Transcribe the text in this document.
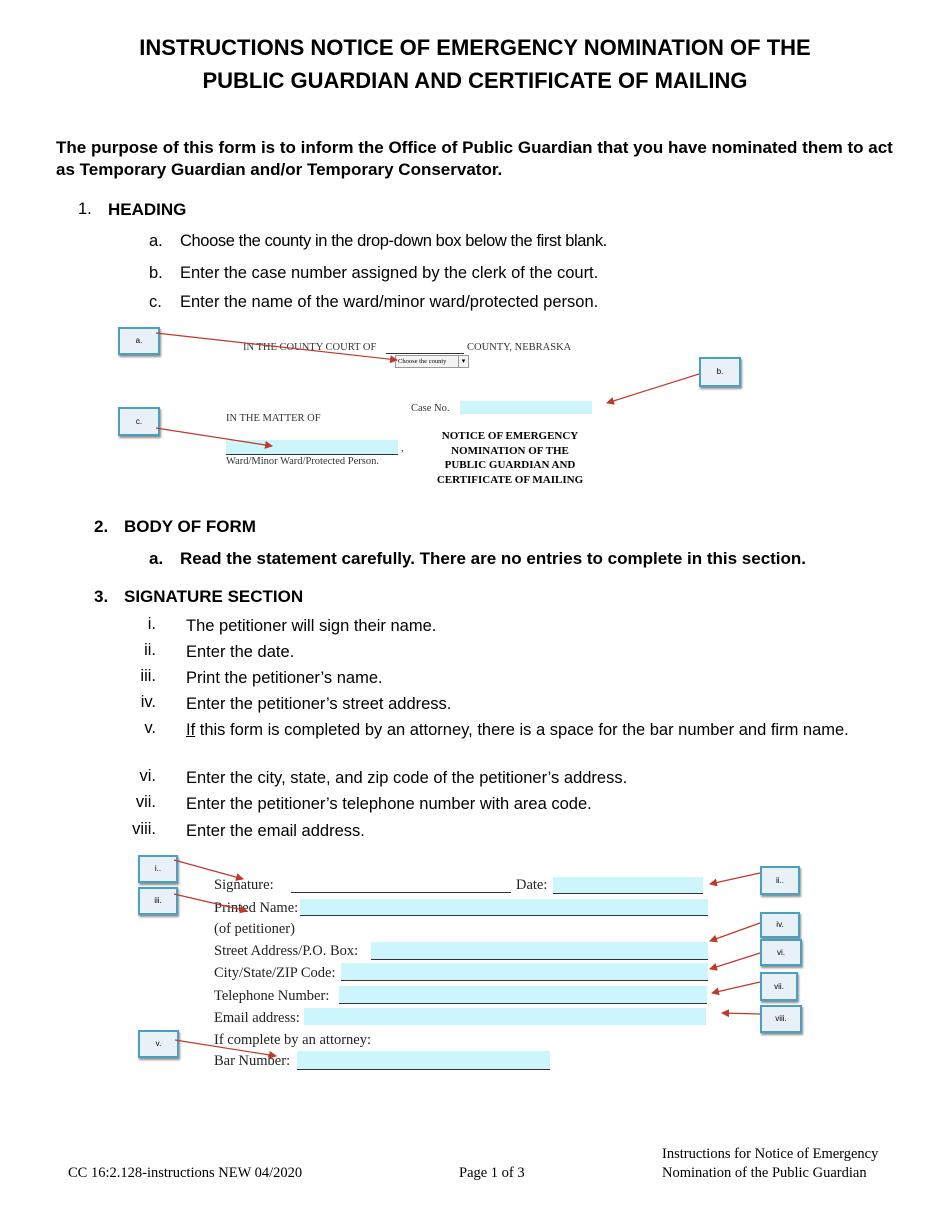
INSTRUCTIONS NOTICE OF EMERGENCY NOMINATION OF THE
PUBLIC GUARDIAN AND CERTIFICATE OF MAILING
The purpose of this form is to inform the Office of Public Guardian that you have nominated them to act as Temporary Guardian and/or Temporary Conservator.
1. HEADING
a. Choose the county in the drop-down box below the first blank.
b. Enter the case number assigned by the clerk of the court.
c. Enter the name of the ward/minor ward/protected person.
IN THE COUNTY COURT OF	COUNTY, NEBRASKA
Choose the county	▾
Case No.
IN THE MATTER OF
,
Ward/Minor Ward/Protected Person.
NOTICE OF EMERGENCY
NOMINATION OF THE
PUBLIC GUARDIAN AND
CERTIFICATE OF MAILING
a.
b.
c.
2. BODY OF FORM
a. Read the statement carefully. There are no entries to complete in this section.
3. SIGNATURE SECTION
i. The petitioner will sign their name.
ii. Enter the date.
iii. Print the petitioner’s name.
iv. Enter the petitioner’s street address.
v. If this form is completed by an attorney, there is a space for the bar number and firm name.
vi. Enter the city, state, and zip code of the petitioner’s address.
vii. Enter the petitioner’s telephone number with area code.
viii. Enter the email address.
Signature:	Date:
Printed Name:
(of petitioner)
Street Address/P.O. Box:
City/State/ZIP Code:
Telephone Number:
Email address:
If complete by an attorney:
Bar Number:
i..
iii.
ii..
iv.
vi.
vii.
viii.
v.
CC 16:2.128-instructions NEW 04/2020	Page 1 of 3
Instructions for Notice of Emergency
Nomination of the Public Guardian
